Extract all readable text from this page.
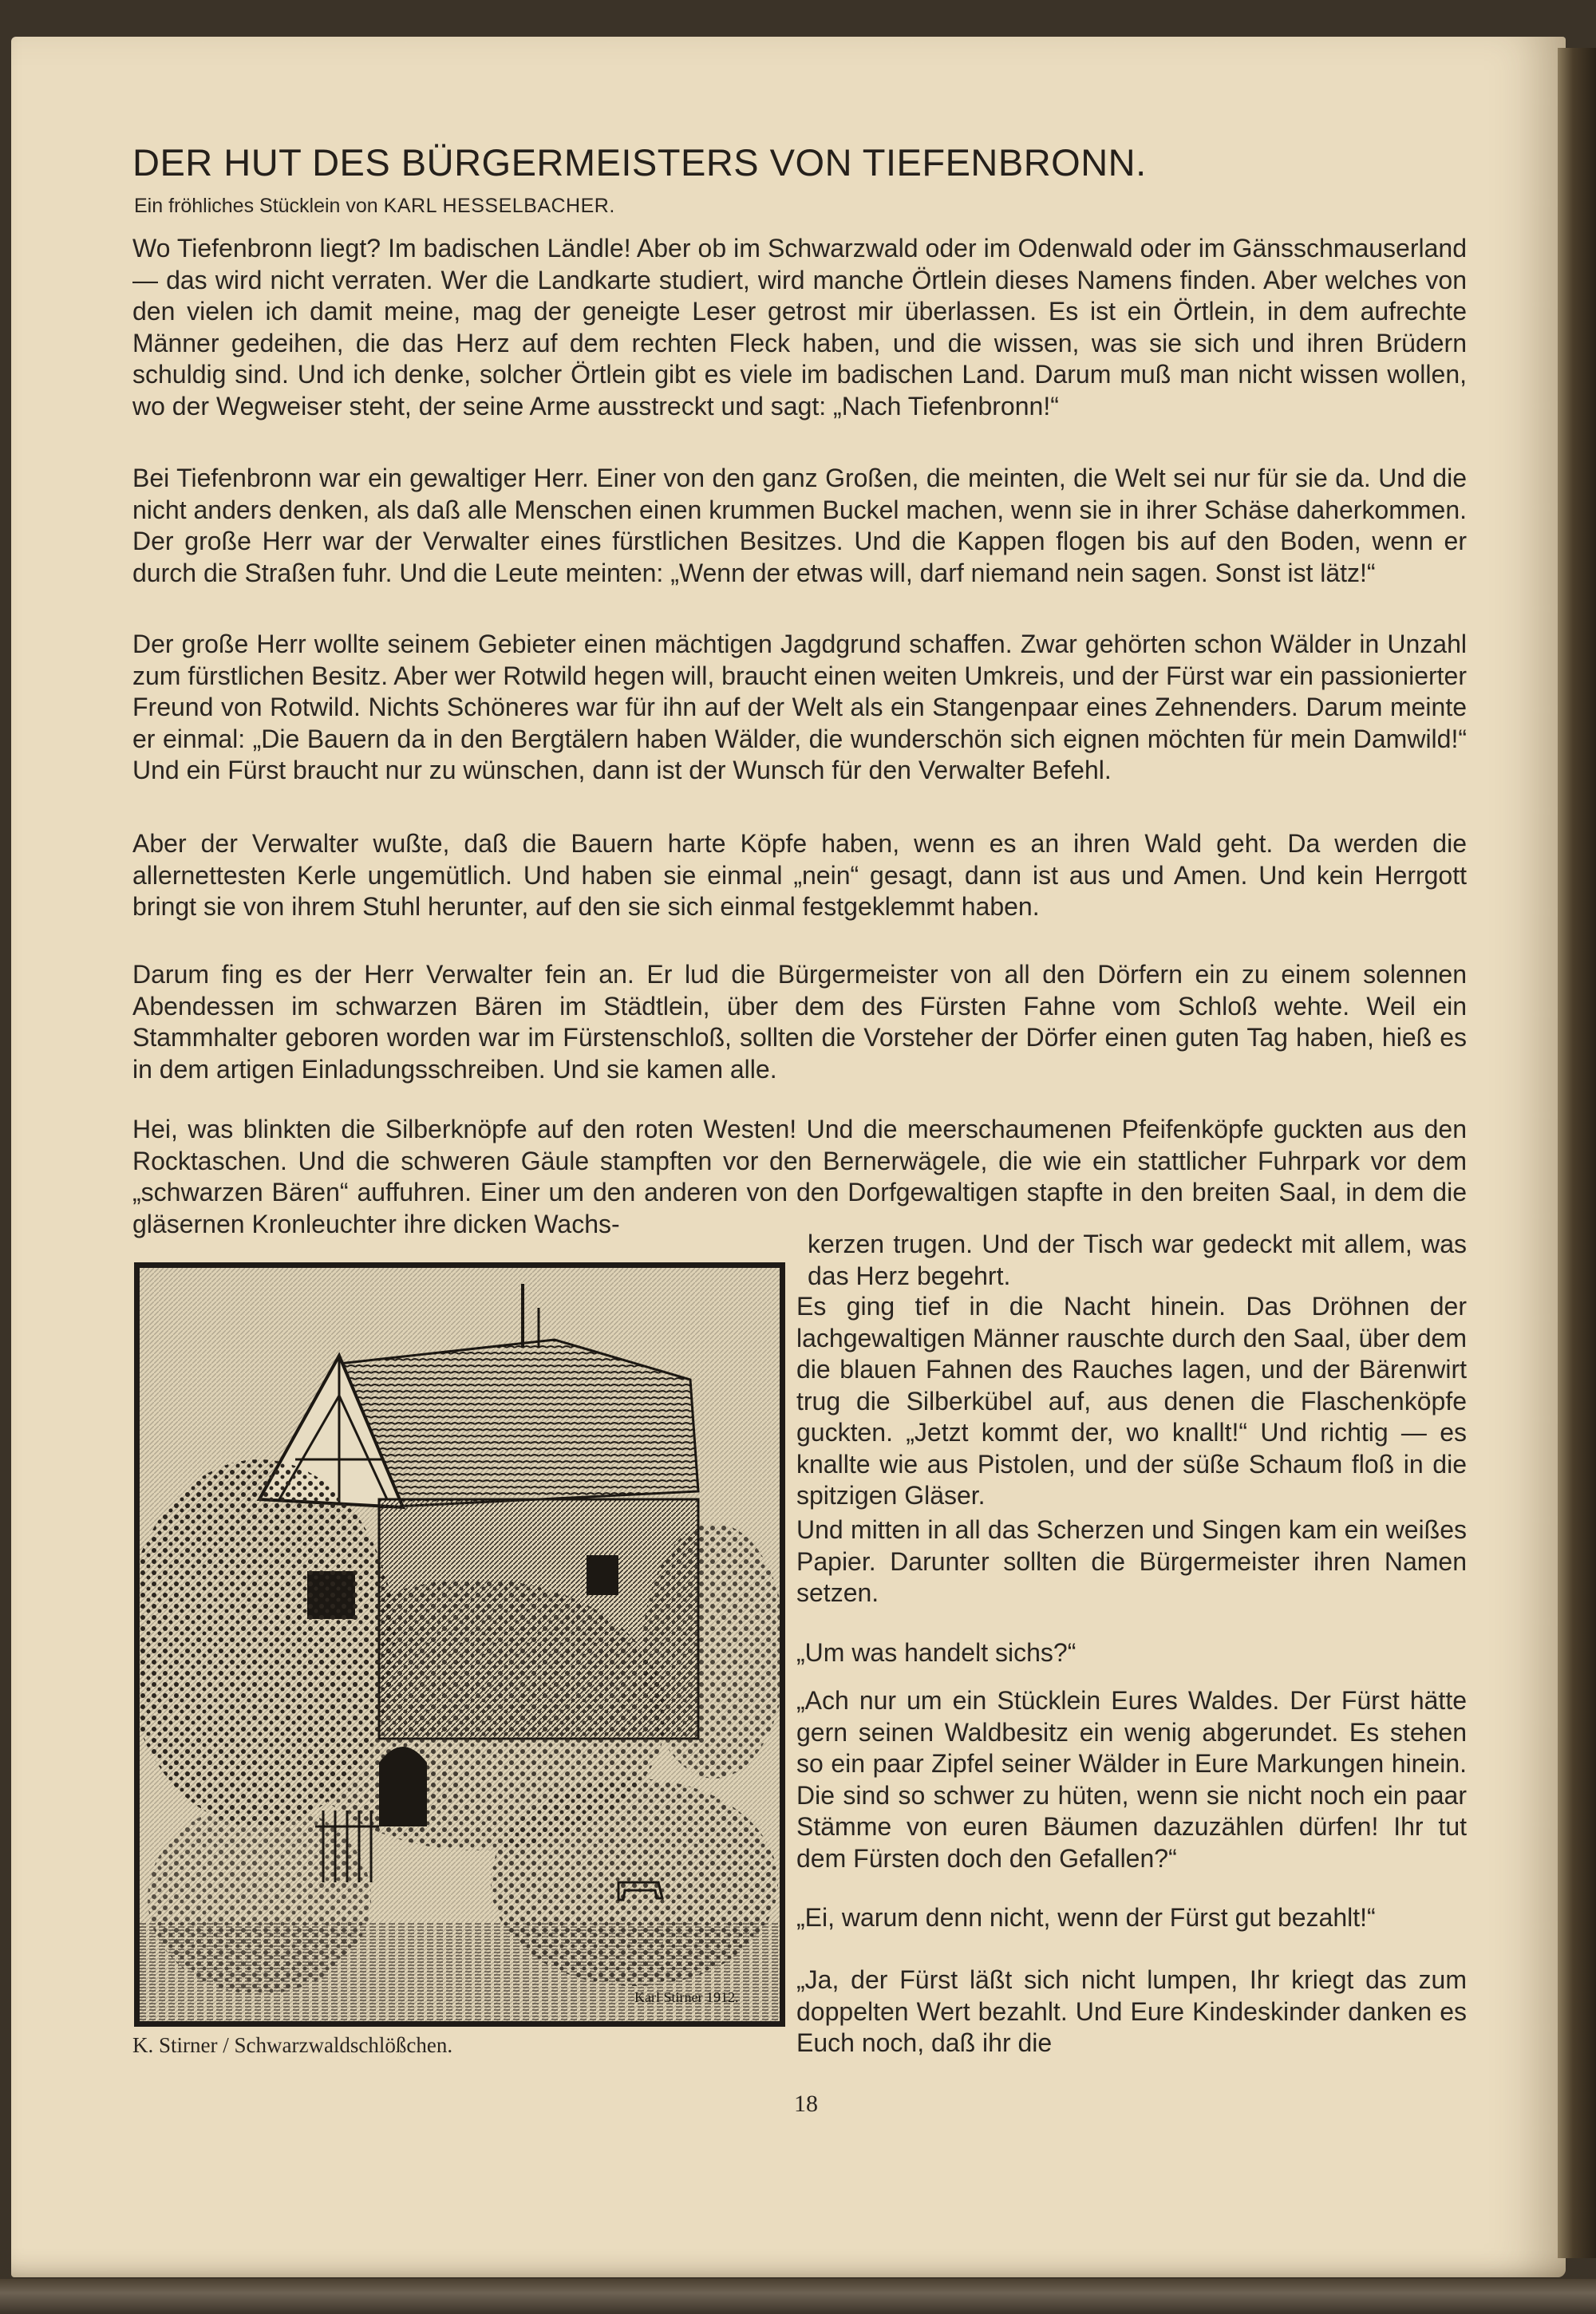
DER HUT DES BÜRGERMEISTERS VON TIEFENBRONN.
Ein fröhliches Stücklein von KARL HESSELBACHER.

Wo Tiefenbronn liegt? Im badischen Ländle! Aber ob im Schwarzwald oder im Odenwald oder im Gänsschmauserland — das wird nicht verraten. Wer die Landkarte studiert, wird manche Örtlein dieses Namens finden. Aber welches von den vielen ich damit meine, mag der geneigte Leser getrost mir überlassen. Es ist ein Örtlein, in dem aufrechte Männer gedeihen, die das Herz auf dem rechten Fleck haben, und die wissen, was sie sich und ihren Brüdern schuldig sind. Und ich denke, solcher Örtlein gibt es viele im badischen Land. Darum muß man nicht wissen wollen, wo der Wegweiser steht, der seine Arme ausstreckt und sagt: „Nach Tiefenbronn!“

Bei Tiefenbronn war ein gewaltiger Herr. Einer von den ganz Großen, die meinten, die Welt sei nur für sie da. Und die nicht anders denken, als daß alle Menschen einen krummen Buckel machen, wenn sie in ihrer Schäse daherkommen. Der große Herr war der Verwalter eines fürstlichen Besitzes. Und die Kappen flogen bis auf den Boden, wenn er durch die Straßen fuhr. Und die Leute meinten: „Wenn der etwas will, darf niemand nein sagen. Sonst ist lätz!“

Der große Herr wollte seinem Gebieter einen mächtigen Jagdgrund schaffen. Zwar gehörten schon Wälder in Unzahl zum fürstlichen Besitz. Aber wer Rotwild hegen will, braucht einen weiten Umkreis, und der Fürst war ein passionierter Freund von Rotwild. Nichts Schöneres war für ihn auf der Welt als ein Stangenpaar eines Zehnenders. Darum meinte er einmal: „Die Bauern da in den Bergtälern haben Wälder, die wunderschön sich eignen möchten für mein Damwild!“ Und ein Fürst braucht nur zu wünschen, dann ist der Wunsch für den Verwalter Befehl.

Aber der Verwalter wußte, daß die Bauern harte Köpfe haben, wenn es an ihren Wald geht. Da werden die allernettesten Kerle ungemütlich. Und haben sie einmal „nein“ gesagt, dann ist aus und Amen. Und kein Herrgott bringt sie von ihrem Stuhl herunter, auf den sie sich einmal festgeklemmt haben.

Darum fing es der Herr Verwalter fein an. Er lud die Bürgermeister von all den Dörfern ein zu einem solennen Abendessen im schwarzen Bären im Städtlein, über dem des Fürsten Fahne vom Schloß wehte. Weil ein Stammhalter geboren worden war im Fürstenschloß, sollten die Vorsteher der Dörfer einen guten Tag haben, hieß es in dem artigen Einladungsschreiben. Und sie kamen alle.

Hei, was blinkten die Silberknöpfe auf den roten Westen! Und die meerschaumenen Pfeifenköpfe guckten aus den Rocktaschen. Und die schweren Gäule stampften vor den Bernerwägele, die wie ein stattlicher Fuhrpark vor dem „schwarzen Bären“ auffuhren. Einer um den anderen von den Dorfgewaltigen stapfte in den breiten Saal, in dem die gläsernen Kronleuchter ihre dicken Wachs-

kerzen trugen. Und der Tisch war gedeckt mit allem, was das Herz begehrt.

Es ging tief in die Nacht hinein. Das Dröhnen der lachgewaltigen Männer rauschte durch den Saal, über dem die blauen Fahnen des Rauches lagen, und der Bärenwirt trug die Silberkübel auf, aus denen die Flaschenköpfe guckten. „Jetzt kommt der, wo knallt!“ Und richtig — es knallte wie aus Pistolen, und der süße Schaum floß in die spitzigen Gläser.

Und mitten in all das Scherzen und Singen kam ein weißes Papier. Darunter sollten die Bürgermeister ihren Namen setzen.

„Um was handelt sichs?“

„Ach nur um ein Stücklein Eures Waldes. Der Fürst hätte gern seinen Waldbesitz ein wenig abgerundet. Es stehen so ein paar Zipfel seiner Wälder in Eure Markungen hinein. Die sind so schwer zu hüten, wenn sie nicht noch ein paar Stämme von euren Bäumen dazuzählen dürfen! Ihr tut dem Fürsten doch den Gefallen?“

„Ei, warum denn nicht, wenn der Fürst gut bezahlt!“

„Ja, der Fürst läßt sich nicht lumpen, Ihr kriegt das zum doppelten Wert bezahlt. Und Eure Kindeskinder danken es Euch noch, daß ihr die

Karl Stirner 1912.
K. Stirner / Schwarzwaldschlößchen.
18
